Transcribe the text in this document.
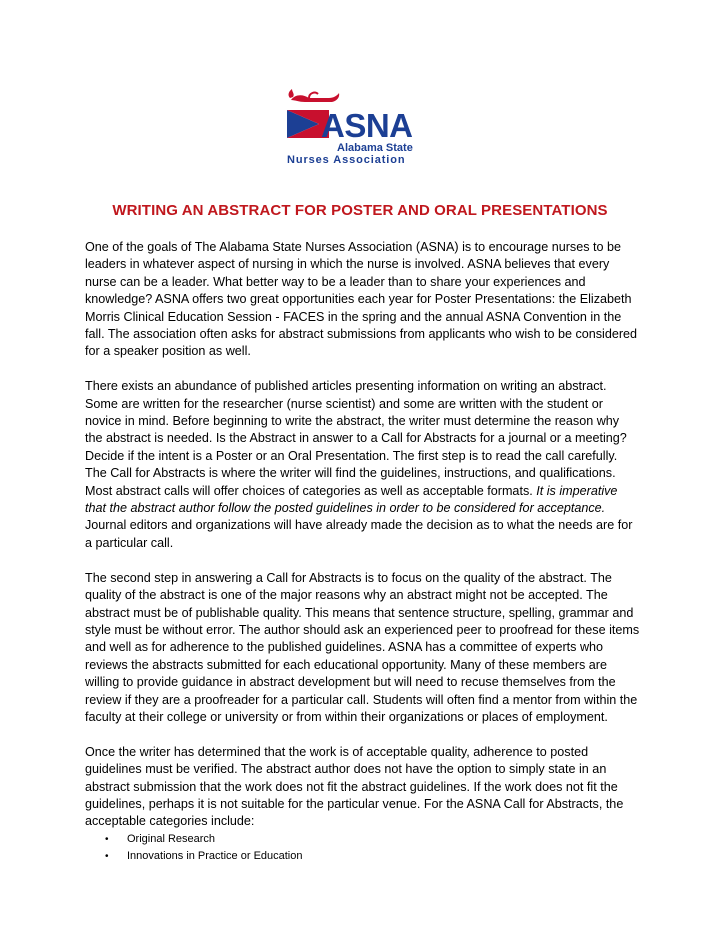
ASNA
Alabama State
Nurses Association
WRITING AN ABSTRACT FOR POSTER AND ORAL PRESENTATIONS

One of the goals of The Alabama State Nurses Association (ASNA) is to encourage nurses to be leaders in whatever aspect of nursing in which the nurse is involved. ASNA believes that every nurse can be a leader. What better way to be a leader than to share your experiences and knowledge? ASNA offers two great opportunities each year for Poster Presentations: the Elizabeth Morris Clinical Education Session - FACES in the spring and the annual ASNA Convention in the fall. The association often asks for abstract submissions from applicants who wish to be considered for a speaker position as well.

There exists an abundance of published articles presenting information on writing an abstract. Some are written for the researcher (nurse scientist) and some are written with the student or novice in mind. Before beginning to write the abstract, the writer must determine the reason why the abstract is needed. Is the Abstract in answer to a Call for Abstracts for a journal or a meeting? Decide if the intent is a Poster or an Oral Presentation. The first step is to read the call carefully. The Call for Abstracts is where the writer will find the guidelines, instructions, and qualifications. Most abstract calls will offer choices of categories as well as acceptable formats. It is imperative that the abstract author follow the posted guidelines in order to be considered for acceptance. Journal editors and organizations will have already made the decision as to what the needs are for a particular call.

The second step in answering a Call for Abstracts is to focus on the quality of the abstract. The quality of the abstract is one of the major reasons why an abstract might not be accepted. The abstract must be of publishable quality. This means that sentence structure, spelling, grammar and style must be without error. The author should ask an experienced peer to proofread for these items and well as for adherence to the published guidelines. ASNA has a committee of experts who reviews the abstracts submitted for each educational opportunity. Many of these members are willing to provide guidance in abstract development but will need to recuse themselves from the review if they are a proofreader for a particular call. Students will often find a mentor from within the faculty at their college or university or from within their organizations or places of employment.

Once the writer has determined that the work is of acceptable quality, adherence to posted guidelines must be verified. The abstract author does not have the option to simply state in an abstract submission that the work does not fit the abstract guidelines. If the work does not fit the guidelines, perhaps it is not suitable for the particular venue. For the ASNA Call for Abstracts, the acceptable categories include:

• Original Research
• Innovations in Practice or Education
